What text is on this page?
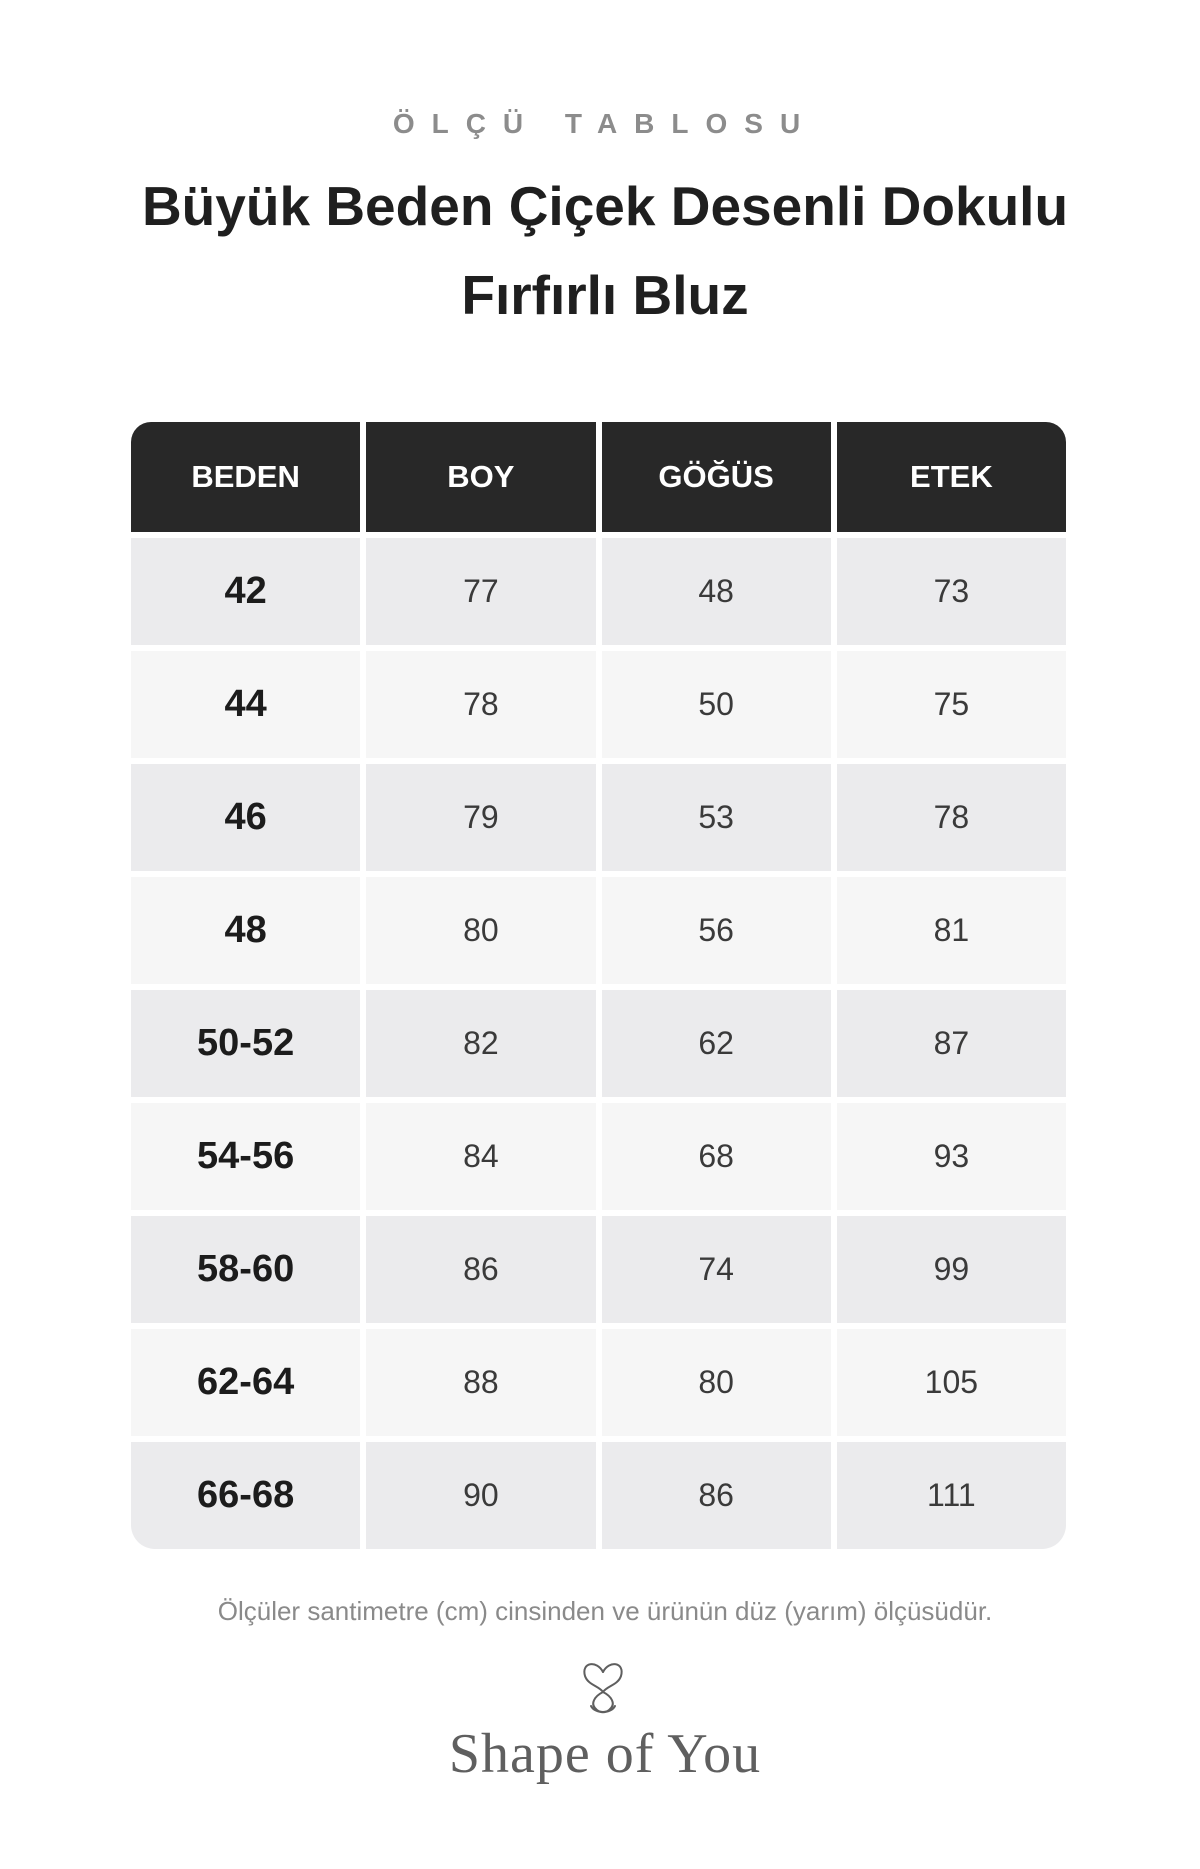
ÖLÇÜ TABLOSU
Büyük Beden Çiçek Desenli Dokulu Fırfırlı Bluz
BEDEN	BOY	GÖĞÜS	ETEK
42	77	48	73
44	78	50	75
46	79	53	78
48	80	56	81
50-52	82	62	87
54-56	84	68	93
58-60	86	74	99
62-64	88	80	105
66-68	90	86	111
Ölçüler santimetre (cm) cinsinden ve ürünün düz (yarım) ölçüsüdür.
Shape of You
